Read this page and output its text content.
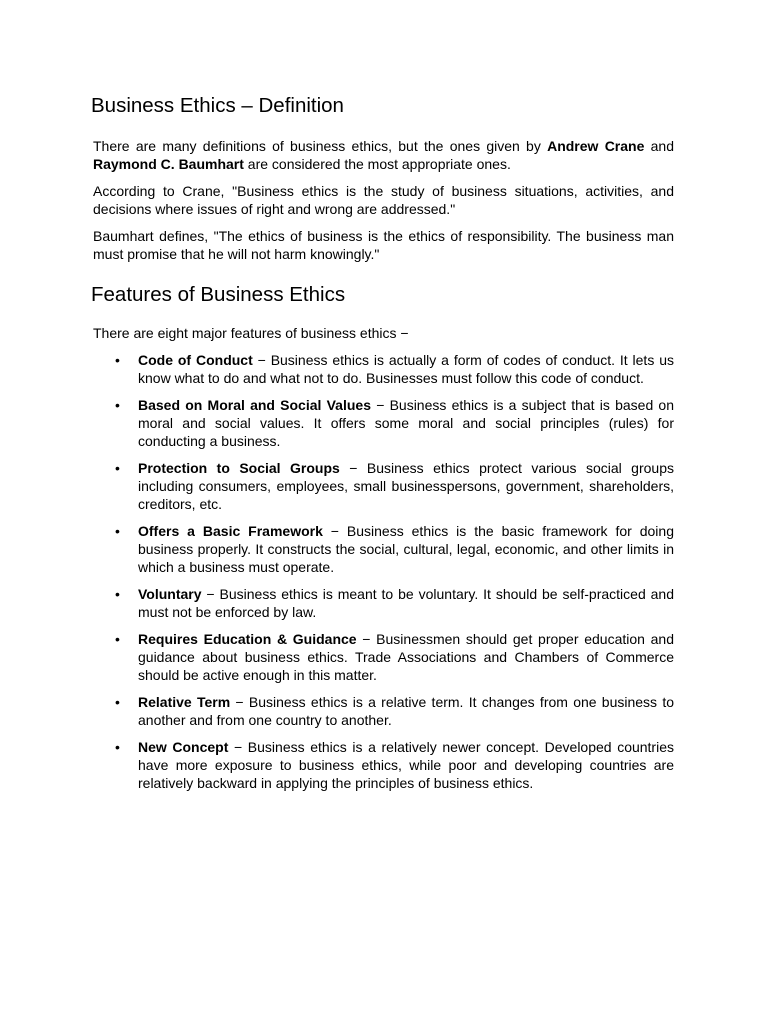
Business Ethics – Definition

There are many definitions of business ethics, but the ones given by Andrew Crane and Raymond C. Baumhart are considered the most appropriate ones.

According to Crane, "Business ethics is the study of business situations, activities, and decisions where issues of right and wrong are addressed."

Baumhart defines, "The ethics of business is the ethics of responsibility. The business man must promise that he will not harm knowingly."

Features of Business Ethics

There are eight major features of business ethics −

• Code of Conduct − Business ethics is actually a form of codes of conduct. It lets us know what to do and what not to do. Businesses must follow this code of conduct.
• Based on Moral and Social Values − Business ethics is a subject that is based on moral and social values. It offers some moral and social principles (rules) for conducting a business.
• Protection to Social Groups − Business ethics protect various social groups including consumers, employees, small businesspersons, government, shareholders, creditors, etc.
• Offers a Basic Framework − Business ethics is the basic framework for doing business properly. It constructs the social, cultural, legal, economic, and other limits in which a business must operate.
• Voluntary − Business ethics is meant to be voluntary. It should be self-practiced and must not be enforced by law.
• Requires Education & Guidance − Businessmen should get proper education and guidance about business ethics. Trade Associations and Chambers of Commerce should be active enough in this matter.
• Relative Term − Business ethics is a relative term. It changes from one business to another and from one country to another.
• New Concept − Business ethics is a relatively newer concept. Developed countries have more exposure to business ethics, while poor and developing countries are relatively backward in applying the principles of business ethics.
